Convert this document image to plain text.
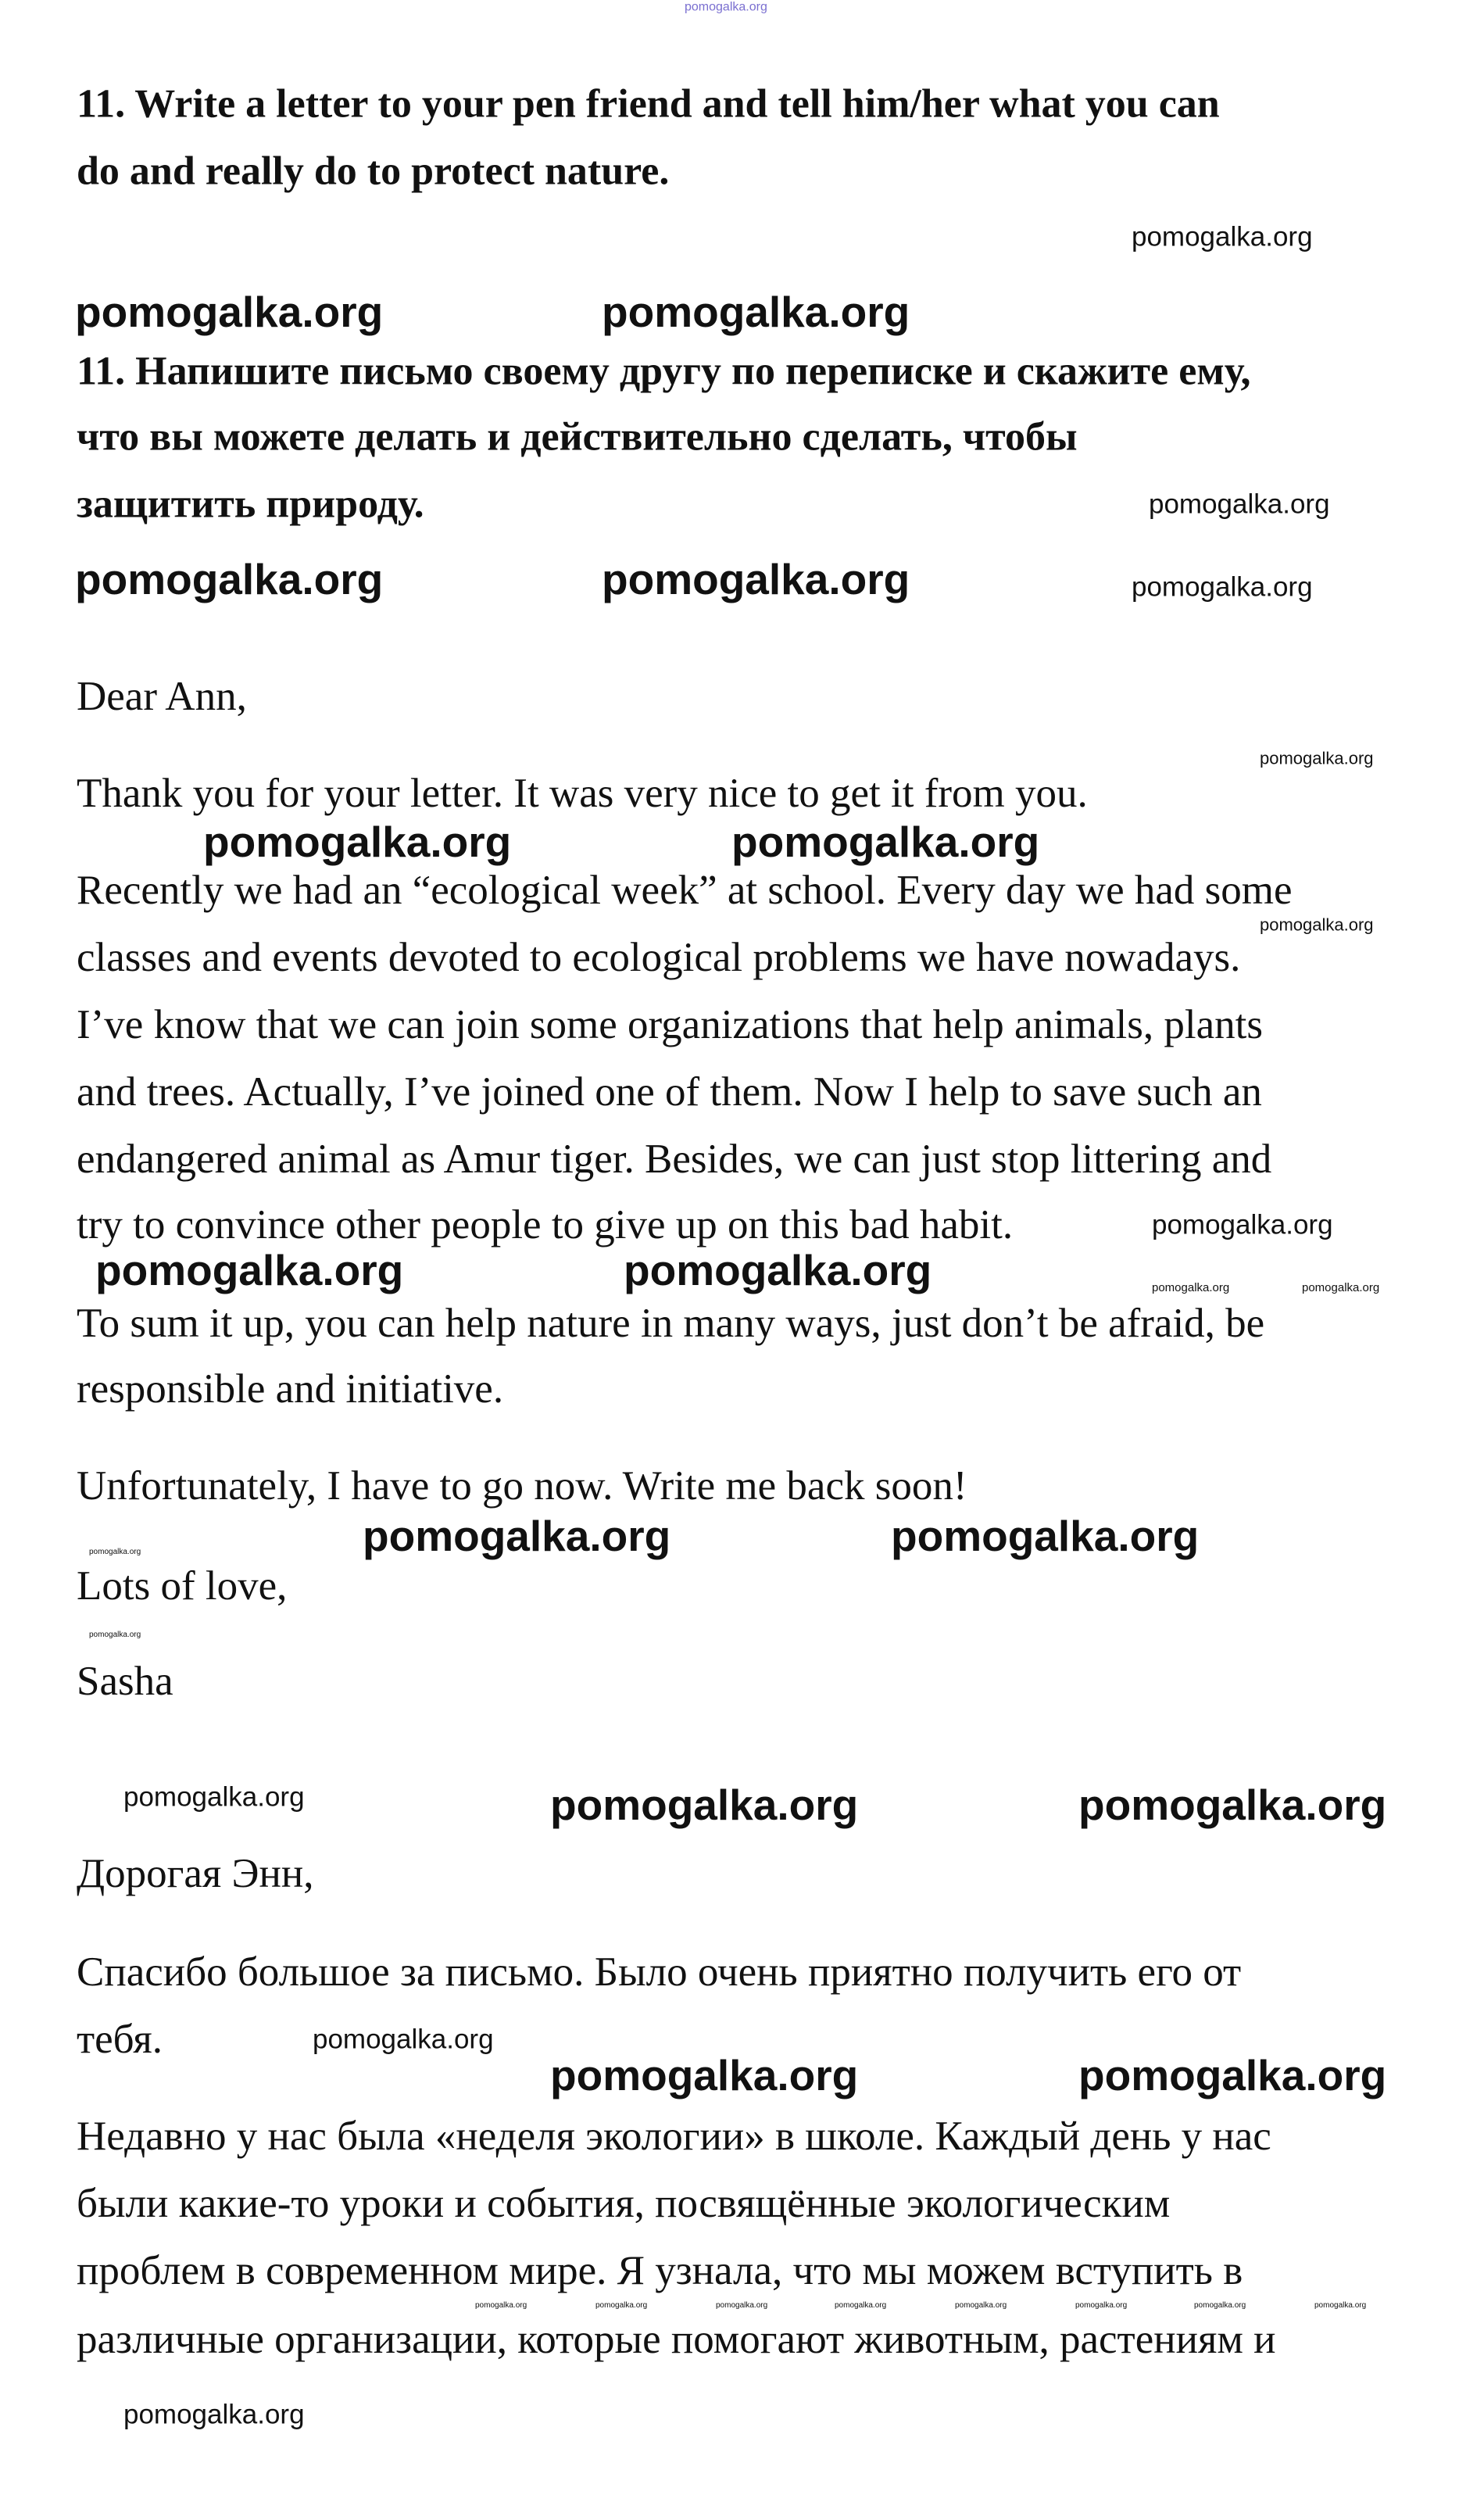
pomogalka.org
11. Write a letter to your pen friend and tell him/her what you can
do and really do to protect nature.
pomogalka.org
pomogalka.org	pomogalka.org
11. Напишите письмо своему другу по переписке и скажите ему,
что вы можете делать и действительно сделать, чтобы
защитить природу.	pomogalka.org
pomogalka.org	pomogalka.org	pomogalka.org
Dear Ann,
pomogalka.org
Thank you for your letter. It was very nice to get it from you.
pomogalka.org	pomogalka.org
Recently we had an “ecological week” at school. Every day we had some
pomogalka.org
classes and events devoted to ecological problems we have nowadays.
I’ve know that we can join some organizations that help animals, plants
and trees. Actually, I’ve joined one of them. Now I help to save such an
endangered animal as Amur tiger. Besides, we can just stop littering and
try to convince other people to give up on this bad habit.	pomogalka.org
pomogalka.org	pomogalka.org	pomogalka.org	pomogalka.org
To sum it up, you can help nature in many ways, just don’t be afraid, be
responsible and initiative.
Unfortunately, I have to go now. Write me back soon!
pomogalka.org	pomogalka.org
pomogalka.org
Lots of love,
pomogalka.org
Sasha
pomogalka.org	pomogalka.org	pomogalka.org
Дорогая Энн,
Спасибо большое за письмо. Было очень приятно получить его от
тебя.	pomogalka.org
pomogalka.org	pomogalka.org
Недавно у нас была «неделя экологии» в школе. Каждый день у нас
были какие-то уроки и события, посвящённые экологическим
проблем в современном мире. Я узнала, что мы можем вступить в
различные организации, которые помогают животным, растениям и
pomogalka.org
pomogalka.org	pomogalka.org	pomogalka.org	pomogalka.org	pomogalka.org	pomogalka.org	pomogalka.org	pomogalka.org
